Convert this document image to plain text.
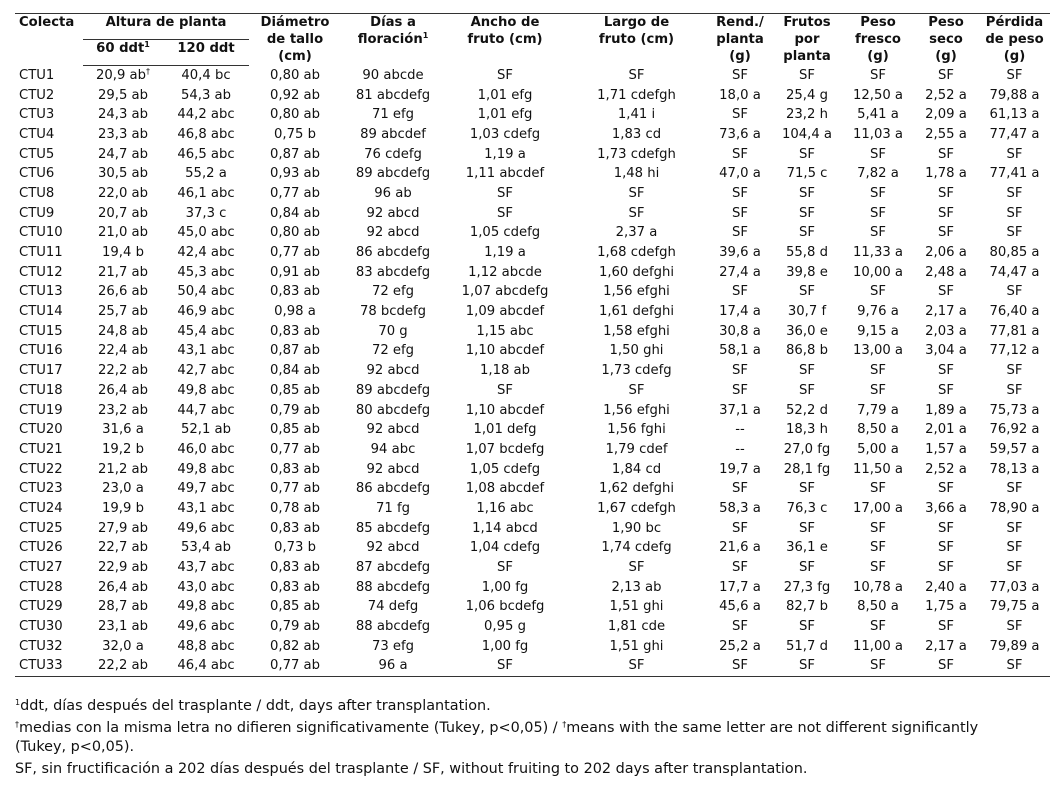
Colecta	Altura de planta		Diámetro
de tallo
(cm)	Días a
floración$^1$	Ancho de
fruto (cm)	Largo de
fruto (cm)	Rend./
planta
(g)	Frutos
por
planta	Peso
fresco
(g)	Peso
seco
(g)	Pérdida
de peso
(g)
	60 ddt$^1$	120 ddt									
CTU1	20,9 ab†	40,4 bc	0,80 ab	90 abcde	SF	SF	SF	SF	SF	SF	SF
CTU2	29,5 ab	54,3 ab	0,92 ab	81 abcdefg	1,01 efg	1,71 cdefgh	18,0 a	25,4 g	12,50 a	2,52 a	79,88 a
CTU3	24,3 ab	44,2 abc	0,80 ab	71 efg	1,01 efg	1,41 i	SF	23,2 h	5,41 a	2,09 a	61,13 a
CTU4	23,3 ab	46,8 abc	0,75 b	89 abcdef	1,03 cdefg	1,83 cd	73,6 a	104,4 a	11,03 a	2,55 a	77,47 a
CTU5	24,7 ab	46,5 abc	0,87 ab	76 cdefg	1,19 a	1,73 cdefgh	SF	SF	SF	SF	SF
CTU6	30,5 ab	55,2 a	0,93 ab	89 abcdefg	1,11 abcdef	1,48 hi	47,0 a	71,5 c	7,82 a	1,78 a	77,41 a
CTU8	22,0 ab	46,1 abc	0,77 ab	96 ab	SF	SF	SF	SF	SF	SF	SF
CTU9	20,7 ab	37,3 c	0,84 ab	92 abcd	SF	SF	SF	SF	SF	SF	SF
CTU10	21,0 ab	45,0 abc	0,80 ab	92 abcd	1,05 cdefg	2,37 a	SF	SF	SF	SF	SF
CTU11	19,4 b	42,4 abc	0,77 ab	86 abcdefg	1,19 a	1,68 cdefgh	39,6 a	55,8 d	11,33 a	2,06 a	80,85 a
CTU12	21,7 ab	45,3 abc	0,91 ab	83 abcdefg	1,12 abcde	1,60 defghi	27,4 a	39,8 e	10,00 a	2,48 a	74,47 a
CTU13	26,6 ab	50,4 abc	0,83 ab	72 efg	1,07 abcdefg	1,56 efghi	SF	SF	SF	SF	SF
CTU14	25,7 ab	46,9 abc	0,98 a	78 bcdefg	1,09 abcdef	1,61 defghi	17,4 a	30,7 f	9,76 a	2,17 a	76,40 a
CTU15	24,8 ab	45,4 abc	0,83 ab	70 g	1,15 abc	1,58 efghi	30,8 a	36,0 e	9,15 a	2,03 a	77,81 a
CTU16	22,4 ab	43,1 abc	0,87 ab	72 efg	1,10 abcdef	1,50 ghi	58,1 a	86,8 b	13,00 a	3,04 a	77,12 a
CTU17	22,2 ab	42,7 abc	0,84 ab	92 abcd	1,18 ab	1,73 cdefg	SF	SF	SF	SF	SF
CTU18	26,4 ab	49,8 abc	0,85 ab	89 abcdefg	SF	SF	SF	SF	SF	SF	SF
CTU19	23,2 ab	44,7 abc	0,79 ab	80 abcdefg	1,10 abcdef	1,56 efghi	37,1 a	52,2 d	7,79 a	1,89 a	75,73 a
CTU20	31,6 a	52,1 ab	0,85 ab	92 abcd	1,01 defg	1,56 fghi	--	18,3 h	8,50 a	2,01 a	76,92 a
CTU21	19,2 b	46,0 abc	0,77 ab	94 abc	1,07 bcdefg	1,79 cdef	--	27,0 fg	5,00 a	1,57 a	59,57 a
CTU22	21,2 ab	49,8 abc	0,83 ab	92 abcd	1,05 cdefg	1,84 cd	19,7 a	28,1 fg	11,50 a	2,52 a	78,13 a
CTU23	23,0 a	49,7 abc	0,77 ab	86 abcdefg	1,08 abcdef	1,62 defghi	SF	SF	SF	SF	SF
CTU24	19,9 b	43,1 abc	0,78 ab	71 fg	1,16 abc	1,67 cdefgh	58,3 a	76,3 c	17,00 a	3,66 a	78,90 a
CTU25	27,9 ab	49,6 abc	0,83 ab	85 abcdefg	1,14 abcd	1,90 bc	SF	SF	SF	SF	SF
CTU26	22,7 ab	53,4 ab	0,73 b	92 abcd	1,04 cdefg	1,74 cdefg	21,6 a	36,1 e	SF	SF	SF
CTU27	22,9 ab	43,7 abc	0,83 ab	87 abcdefg	SF	SF	SF	SF	SF	SF	SF
CTU28	26,4 ab	43,0 abc	0,83 ab	88 abcdefg	1,00 fg	2,13 ab	17,7 a	27,3 fg	10,78 a	2,40 a	77,03 a
CTU29	28,7 ab	49,8 abc	0,85 ab	74 defg	1,06 bcdefg	1,51 ghi	45,6 a	82,7 b	8,50 a	1,75 a	79,75 a
CTU30	23,1 ab	49,6 abc	0,79 ab	88 abcdefg	0,95 g	1,81 cde	SF	SF	SF	SF	SF
CTU32	32,0 a	48,8 abc	0,82 ab	73 efg	1,00 fg	1,51 ghi	25,2 a	51,7 d	11,00 a	2,17 a	79,89 a
CTU33	22,2 ab	46,4 abc	0,77 ab	96 a	SF	SF	SF	SF	SF	SF	SF

$^1$ddt, días después del trasplante / ddt, days after transplantation.

†medias con la misma letra no difieren significativamente (Tukey, p<0,05) / †means with the same letter are not different significantly (Tukey, p<0,05).

SF, sin fructificación a 202 días después del trasplante / SF, without fruiting to 202 days after transplantation.
